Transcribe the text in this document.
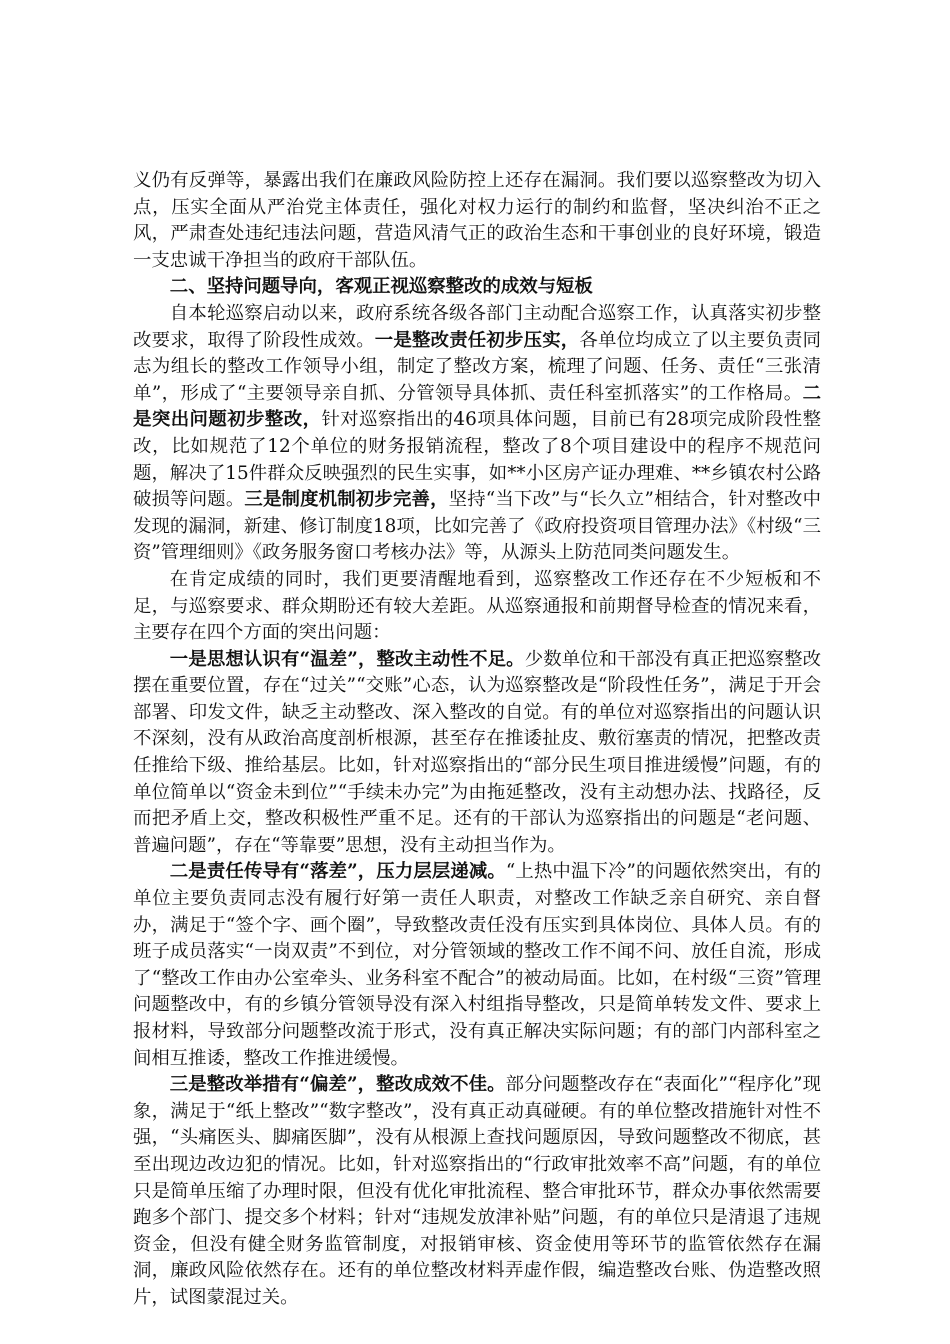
义仍有反弹等，暴露出我们在廉政风险防控上还存在漏洞。我们要以巡察整改为切入点，压实全面从严治党主体责任，强化对权力运行的制约和监督，坚决纠治不正之风，严肃查处违纪违法问题，营造风清气正的政治生态和干事创业的良好环境，锻造一支忠诚干净担当的政府干部队伍。

二、坚持问题导向，客观正视巡察整改的成效与短板

自本轮巡察启动以来，政府系统各级各部门主动配合巡察工作，认真落实初步整改要求，取得了阶段性成效。一是整改责任初步压实，各单位均成立了以主要负责同志为组长的整改工作领导小组，制定了整改方案，梳理了问题、任务、责任“三张清单”，形成了“主要领导亲自抓、分管领导具体抓、责任科室抓落实”的工作格局。二是突出问题初步整改，针对巡察指出的46项具体问题，目前已有28项完成阶段性整改，比如规范了12个单位的财务报销流程，整改了8个项目建设中的程序不规范问题，解决了15件群众反映强烈的民生实事，如**小区房产证办理难、**乡镇农村公路破损等问题。三是制度机制初步完善，坚持“当下改”与“长久立”相结合，针对整改中发现的漏洞，新建、修订制度18项，比如完善了《政府投资项目管理办法》《村级“三资”管理细则》《政务服务窗口考核办法》等，从源头上防范同类问题发生。

在肯定成绩的同时，我们更要清醒地看到，巡察整改工作还存在不少短板和不足，与巡察要求、群众期盼还有较大差距。从巡察通报和前期督导检查的情况来看，主要存在四个方面的突出问题：

一是思想认识有“温差”，整改主动性不足。少数单位和干部没有真正把巡察整改摆在重要位置，存在“过关”“交账”心态，认为巡察整改是“阶段性任务”，满足于开会部署、印发文件，缺乏主动整改、深入整改的自觉。有的单位对巡察指出的问题认识不深刻，没有从政治高度剖析根源，甚至存在推诿扯皮、敷衍塞责的情况，把整改责任推给下级、推给基层。比如，针对巡察指出的“部分民生项目推进缓慢”问题，有的单位简单以“资金未到位”“手续未办完”为由拖延整改，没有主动想办法、找路径，反而把矛盾上交，整改积极性严重不足。还有的干部认为巡察指出的问题是“老问题、普遍问题”，存在“等靠要”思想，没有主动担当作为。

二是责任传导有“落差”，压力层层递减。“上热中温下冷”的问题依然突出，有的单位主要负责同志没有履行好第一责任人职责，对整改工作缺乏亲自研究、亲自督办，满足于“签个字、画个圈”，导致整改责任没有压实到具体岗位、具体人员。有的班子成员落实“一岗双责”不到位，对分管领域的整改工作不闻不问、放任自流，形成了“整改工作由办公室牵头、业务科室不配合”的被动局面。比如，在村级“三资”管理问题整改中，有的乡镇分管领导没有深入村组指导整改，只是简单转发文件、要求上报材料，导致部分问题整改流于形式，没有真正解决实际问题；有的部门内部科室之间相互推诿，整改工作推进缓慢。

三是整改举措有“偏差”，整改成效不佳。部分问题整改存在“表面化”“程序化”现象，满足于“纸上整改”“数字整改”，没有真正动真碰硬。有的单位整改措施针对性不强，“头痛医头、脚痛医脚”，没有从根源上查找问题原因，导致问题整改不彻底，甚至出现边改边犯的情况。比如，针对巡察指出的“行政审批效率不高”问题，有的单位只是简单压缩了办理时限，但没有优化审批流程、整合审批环节，群众办事依然需要跑多个部门、提交多个材料；针对“违规发放津补贴”问题，有的单位只是清退了违规资金，但没有健全财务监管制度，对报销审核、资金使用等环节的监管依然存在漏洞，廉政风险依然存在。还有的单位整改材料弄虚作假，编造整改台账、伪造整改照片，试图蒙混过关。
